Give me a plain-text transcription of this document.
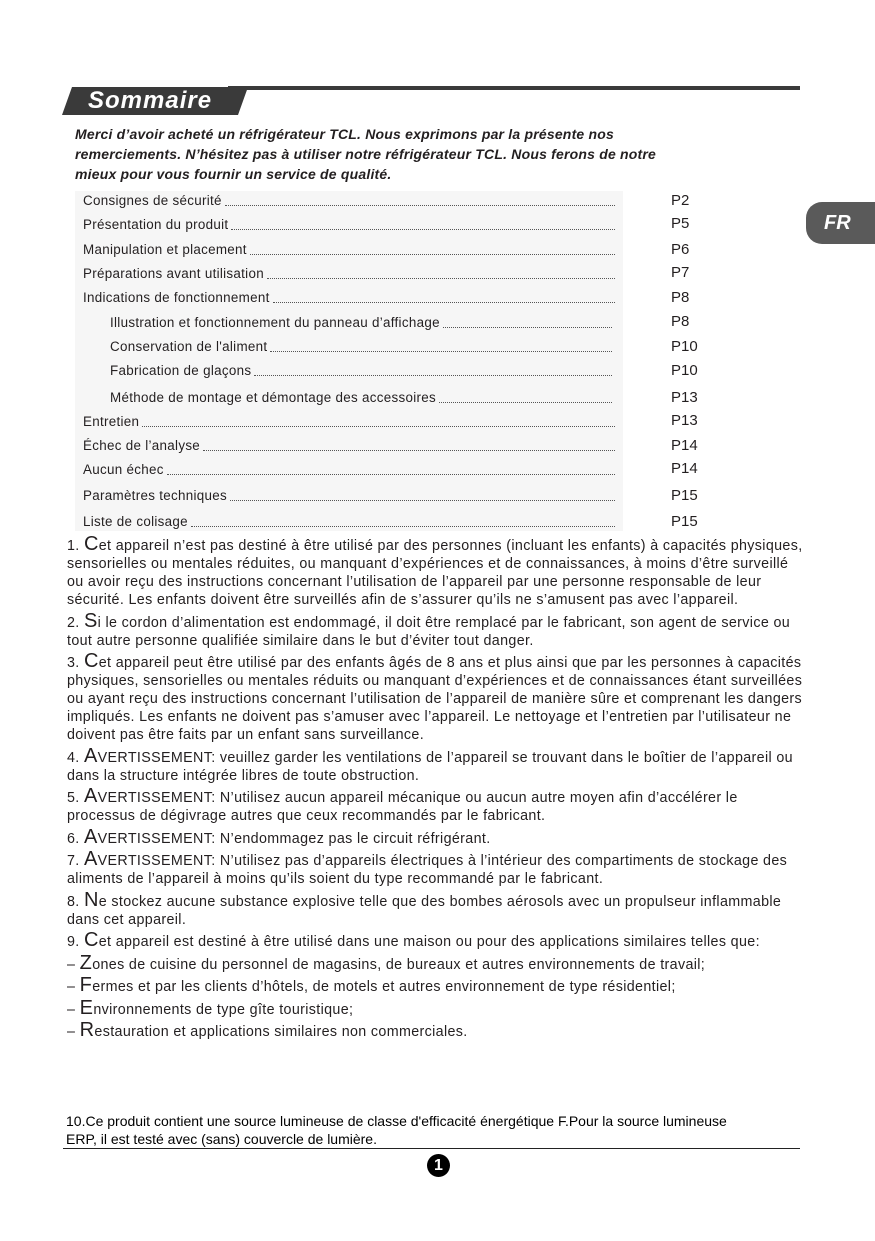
Sommaire
FR
Merci d’avoir acheté un réfrigérateur TCL. Nous exprimons par la présente nos
remerciements. N’hésitez pas à utiliser notre réfrigérateur TCL. Nous ferons de notre
mieux pour vous fournir un service de qualité.
Consignes de sécurité	P2
Présentation du produit	P5
Manipulation et placement	P6
Préparations avant utilisation	P7
Indications de fonctionnement	P8
Illustration et fonctionnement du panneau d’affichage	P8
Conservation de l'aliment	P10
Fabrication de glaçons	P10
Méthode de montage et démontage des accessoires	P13
Entretien	P13
Échec de l’analyse	P14
Aucun échec	P14
Paramètres techniques	P15
Liste de colisage	P15

1. Cet appareil n’est pas destiné à être utilisé par des personnes (incluant les enfants) à capacités physiques, sensorielles ou mentales réduites, ou manquant d’expériences et de connaissances, à moins d’être surveillé ou avoir reçu des instructions concernant l’utilisation de l’appareil par une personne responsable de leur sécurité. Les enfants doivent être surveillés afin de s’assurer qu’ils ne s’amusent pas avec l’appareil.

2. Si le cordon d’alimentation est endommagé, il doit être remplacé par le fabricant, son agent de service ou tout autre personne qualifiée similaire dans le but d’éviter tout danger.

3. Cet appareil peut être utilisé par des enfants âgés de 8 ans et plus ainsi que par les personnes à capacités physiques, sensorielles ou mentales réduits ou manquant d’expériences et de connaissances étant surveillées ou ayant reçu des instructions concernant l’utilisation de l’appareil de manière sûre et comprenant les dangers impliqués. Les enfants ne doivent pas s’amuser avec l’appareil. Le nettoyage et l’entretien par l’utilisateur ne doivent pas être faits par un enfant sans surveillance.

4. AVERTISSEMENT: veuillez garder les ventilations de l’appareil se trouvant dans le boîtier de l’appareil ou dans la structure intégrée libres de toute obstruction.

5. AVERTISSEMENT: N’utilisez aucun appareil mécanique ou aucun autre moyen afin d’accélérer le processus de dégivrage autres que ceux recommandés par le fabricant.

6. AVERTISSEMENT: N’endommagez pas le circuit réfrigérant.

7. AVERTISSEMENT: N’utilisez pas d’appareils électriques à l’intérieur des compartiments de stockage des aliments de l’appareil à moins qu’ils soient du type recommandé par le fabricant.

8. Ne stockez aucune substance explosive telle que des bombes aérosols avec un propulseur inflammable dans cet appareil.

9. Cet appareil est destiné à être utilisé dans une maison ou pour des applications similaires telles que:

– Zones de cuisine du personnel de magasins, de bureaux et autres environnements de travail;

– Fermes et par les clients d’hôtels, de motels et autres environnement de type résidentiel;

– Environnements de type gîte touristique;

– Restauration et applications similaires non commerciales.

10.Ce produit contient une source lumineuse de classe d'efficacité énergétique F.Pour la source lumineuse

ERP, il est testé avec (sans) couvercle de lumière.

1
